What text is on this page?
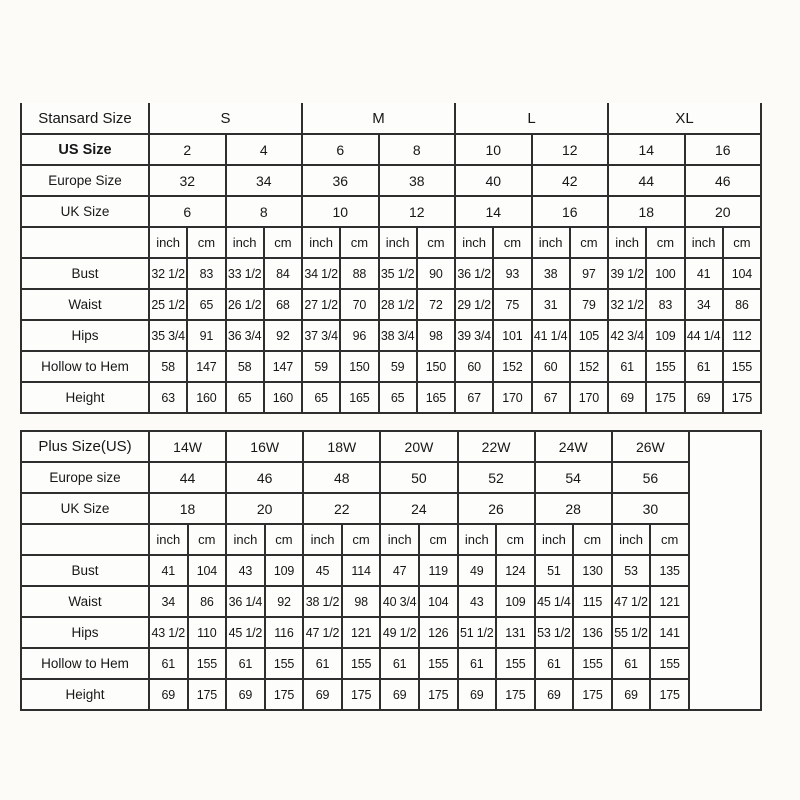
Stansard Size	S				M				L				XL			
US Size	2		4		6		8		10		12		14		16	
Europe Size	32		34		36		38		40		42		44		46	
UK Size	6		8		10		12		14		16		18		20	
	inch	cm	inch	cm	inch	cm	inch	cm	inch	cm	inch	cm	inch	cm	inch	cm
Bust	32 1/2	83	33 1/2	84	34 1/2	88	35 1/2	90	36 1/2	93	38	97	39 1/2	100	41	104
Waist	25 1/2	65	26 1/2	68	27 1/2	70	28 1/2	72	29 1/2	75	31	79	32 1/2	83	34	86
Hips	35 3/4	91	36 3/4	92	37 3/4	96	38 3/4	98	39 3/4	101	41 1/4	105	42 3/4	109	44 1/4	112
Hollow to Hem	58	147	58	147	59	150	59	150	60	152	60	152	61	155	61	155
Height	63	160	65	160	65	165	65	165	67	170	67	170	69	175	69	175
Plus Size(US)	14W		16W		18W		20W		22W		24W		26W		
Europe size	44		46		48		50		52		54		56		
UK Size	18		20		22		24		26		28		30		
	inch	cm	inch	cm	inch	cm	inch	cm	inch	cm	inch	cm	inch	cm	
Bust	41	104	43	109	45	114	47	119	49	124	51	130	53	135	
Waist	34	86	36 1/4	92	38 1/2	98	40 3/4	104	43	109	45 1/4	115	47 1/2	121	
Hips	43 1/2	110	45 1/2	116	47 1/2	121	49 1/2	126	51 1/2	131	53 1/2	136	55 1/2	141	
Hollow to Hem	61	155	61	155	61	155	61	155	61	155	61	155	61	155	
Height	69	175	69	175	69	175	69	175	69	175	69	175	69	175	
